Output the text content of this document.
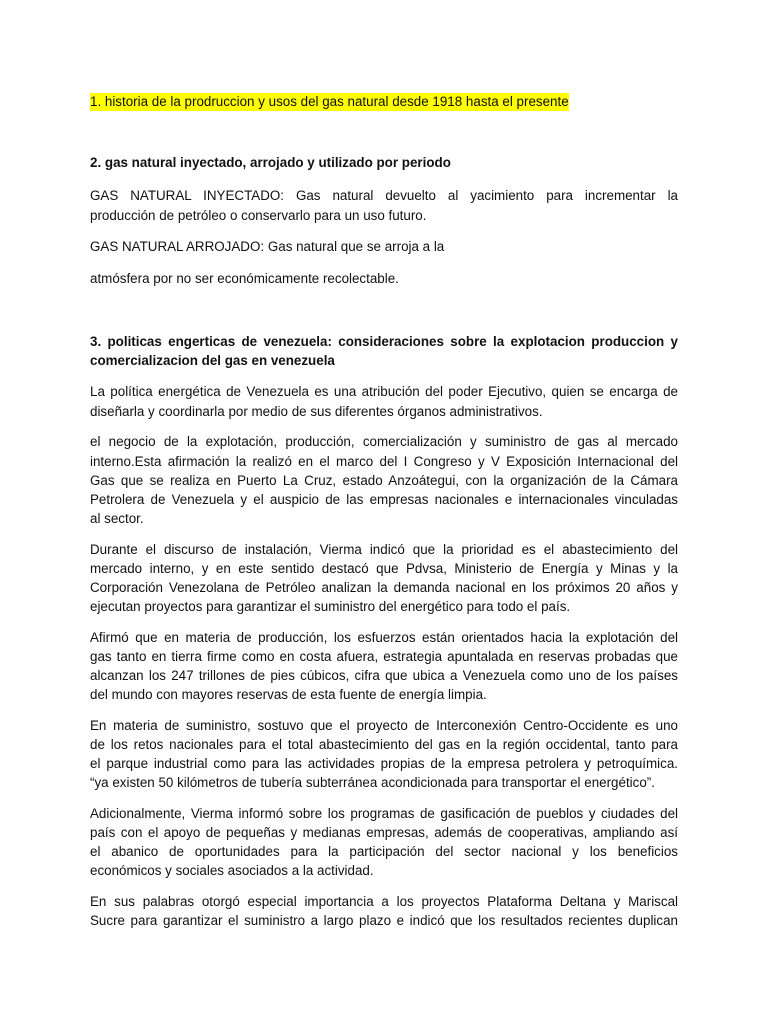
1. historia de la prodruccion y usos del gas natural desde 1918 hasta el presente
2. gas natural inyectado, arrojado y utilizado por periodo
GAS NATURAL INYECTADO: Gas natural devuelto al yacimiento para incrementar la
producción de petróleo o conservarlo para un uso futuro.
GAS NATURAL ARROJADO: Gas natural que se arroja a la
atmósfera por no ser económicamente recolectable.
3. politicas engerticas de venezuela: consideraciones sobre la explotacion produccion y
comercializacion del gas en venezuela
La política energética de Venezuela es una atribución del poder Ejecutivo, quien se encarga de
diseñarla y coordinarla por medio de sus diferentes órganos administrativos.
el negocio de la explotación, producción, comercialización y suministro de gas al mercado
interno.Esta afirmación la realizó en el marco del I Congreso y V Exposición Internacional del
Gas que se realiza en Puerto La Cruz, estado Anzoátegui, con la organización de la Cámara
Petrolera de Venezuela y el auspicio de las empresas nacionales e internacionales vinculadas
al sector.
Durante el discurso de instalación, Vierma indicó que la prioridad es el abastecimiento del
mercado interno, y en este sentido destacó que Pdvsa, Ministerio de Energía y Minas y la
Corporación Venezolana de Petróleo analizan la demanda nacional en los próximos 20 años y
ejecutan proyectos para garantizar el suministro del energético para todo el país.
Afirmó que en materia de producción, los esfuerzos están orientados hacia la explotación del
gas tanto en tierra firme como en costa afuera, estrategia apuntalada en reservas probadas que
alcanzan los 247 trillones de pies cúbicos, cifra que ubica a Venezuela como uno de los países
del mundo con mayores reservas de esta fuente de energía limpia.
En materia de suministro, sostuvo que el proyecto de Interconexión Centro-Occidente es uno
de los retos nacionales para el total abastecimiento del gas en la región occidental, tanto para
el parque industrial como para las actividades propias de la empresa petrolera y petroquímica.
“ya existen 50 kilómetros de tubería subterránea acondicionada para transportar el energético”.
Adicionalmente, Vierma informó sobre los programas de gasificación de pueblos y ciudades del
país con el apoyo de pequeñas y medianas empresas, además de cooperativas, ampliando así
el abanico de oportunidades para la participación del sector nacional y los beneficios
económicos y sociales asociados a la actividad.
En sus palabras otorgó especial importancia a los proyectos Plataforma Deltana y Mariscal
Sucre para garantizar el suministro a largo plazo e indicó que los resultados recientes duplican
